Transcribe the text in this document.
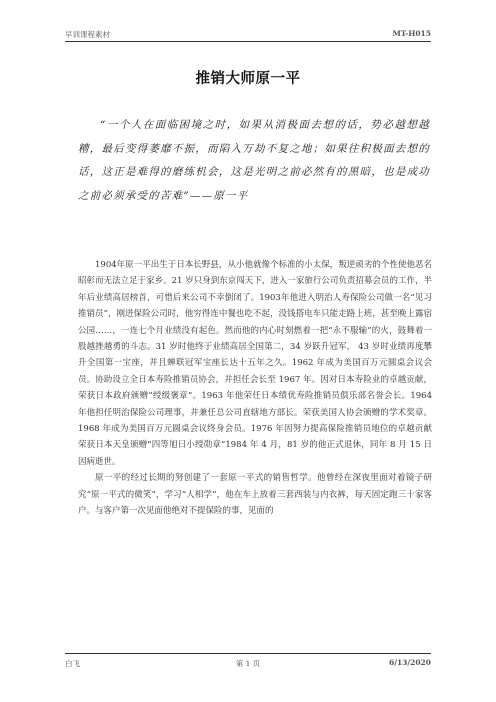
早训课程素材	MT-H015
推销大师原一平
“一个人在面临困境之时，如果从消极面去想的话，势必越想越糟，最后变得萎靡不振，而陷入万劫不复之地；如果往积极面去想的话，这正是难得的磨练机会，这是光明之前必然有的黑暗，也是成功之前必须承受的苦难”——原一平

1904年原一平出生于日本长野县，从小他就像个标准的小太保，叛逆顽劣的个性使他恶名昭彰而无法立足于家乡。21 岁只身到东京闯天下，进入一家旅行公司负责招募会员的工作，半年后业绩高居榜首，可惜后来公司不幸倒闭了。1903年他进入明治人寿保险公司做一名“见习推销员”，刚进保险公司时，他穷得连中餐也吃不起，没钱搭电车只能走路上班，甚至晚上露宿公园……，一连七个月业绩没有起色。然而他的内心时刻燃着一把“永不服输”的火，鼓舞着一股越挫越勇的斗志。31 岁时他终于业绩高居全国第二，34 岁跃升冠军， 43 岁时业绩再度攀升全国第一宝座，并且蝉联冠军宝座长达十五年之久。1962 年成为美国百万元圆桌会议会员。协助设立全日本寿险推销员协会，并担任会长至 1967 年。因对日本寿险业的卓越贡献，荣获日本政府颁赠“绶级褒章”。1963 年他荣任日本绩优寿险推销员俱乐部名誉会长。1964 年他担任明治保险公司理事，并兼任总公司直辖地方部长。荣获美国人协会颁赠的学术奖章。1968 年成为美国百万元圆桌会议终身会员。1976 年因努力提高保险推销员地位的卓越贡献荣获日本天皇颁赠“四等旭日小绶勋章”1984 年 4 月，81 岁的他正式退休，同年 8 月 15 日因病逝世。

原一平的经过长期的努创建了一套原一平式的销售哲学。他曾经在深夜里面对着镜子研究“原一平式的微笑”，学习“人相学”，他在车上放着三套西装与内衣裤，每天固定跑三十家客户。与客户第一次见面他绝对不提保险的事，见面的

白飞	第 1 页	6/13/2020
